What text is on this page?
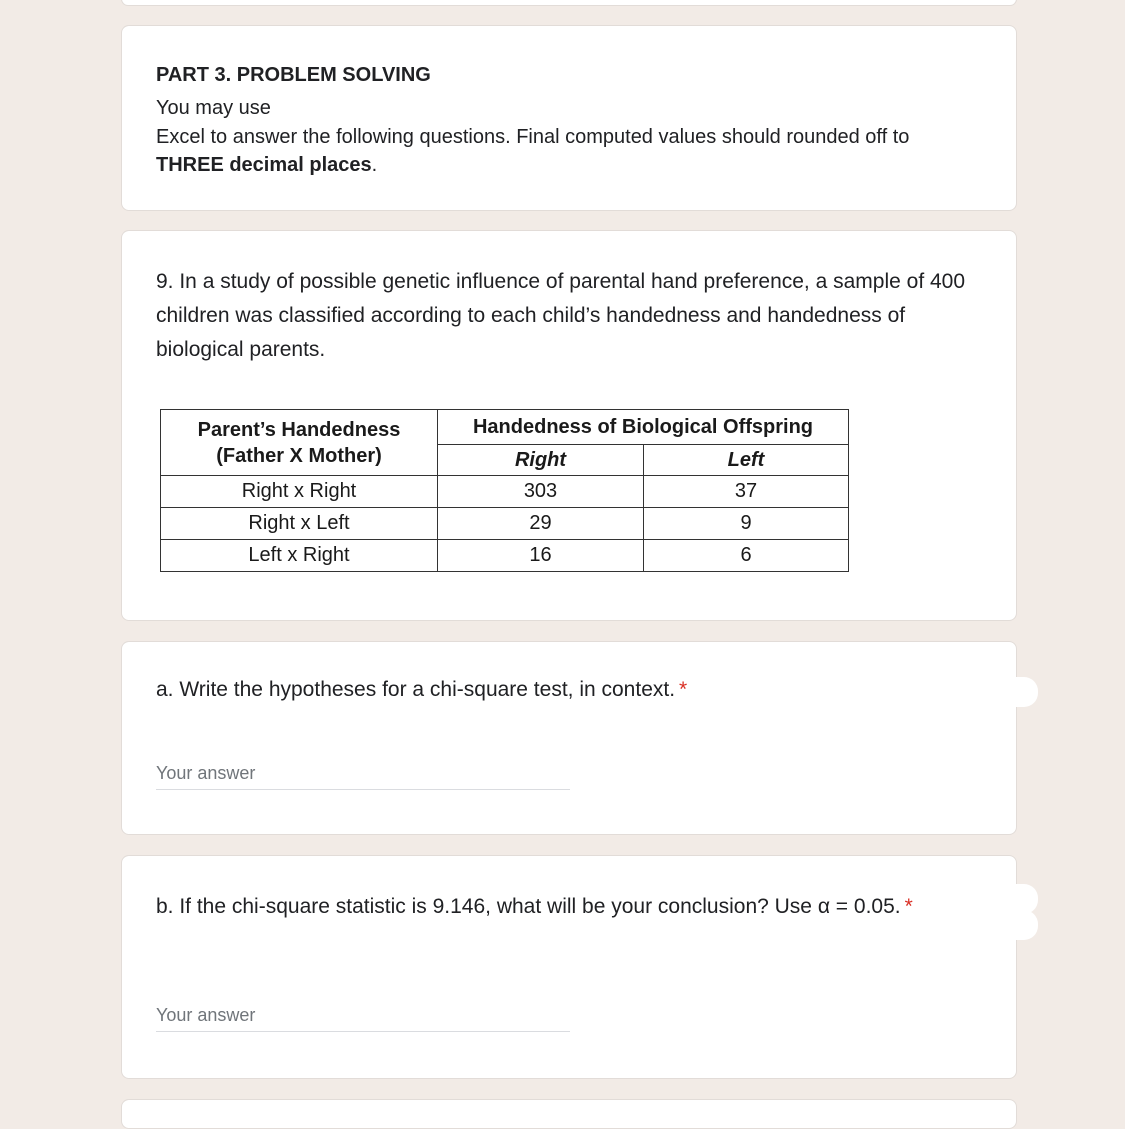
PART 3. PROBLEM SOLVING
You may use
Excel to answer the following questions. Final computed values should rounded off to
THREE decimal places.
9. In a study of possible genetic influence of parental hand preference, a sample of 400 children was classified according to each child’s handedness and handedness of biological parents.
Parent’s Handedness
(Father X Mother)	Handedness of Biological Offspring	
	Right	Left
Right x Right	303	37
Right x Left	29	9
Left x Right	16	6
a. Write the hypotheses for a chi-square test, in context. *
Your answer
b. If the chi-square statistic is 9.146, what will be your conclusion? Use α = 0.05. *
Your answer
